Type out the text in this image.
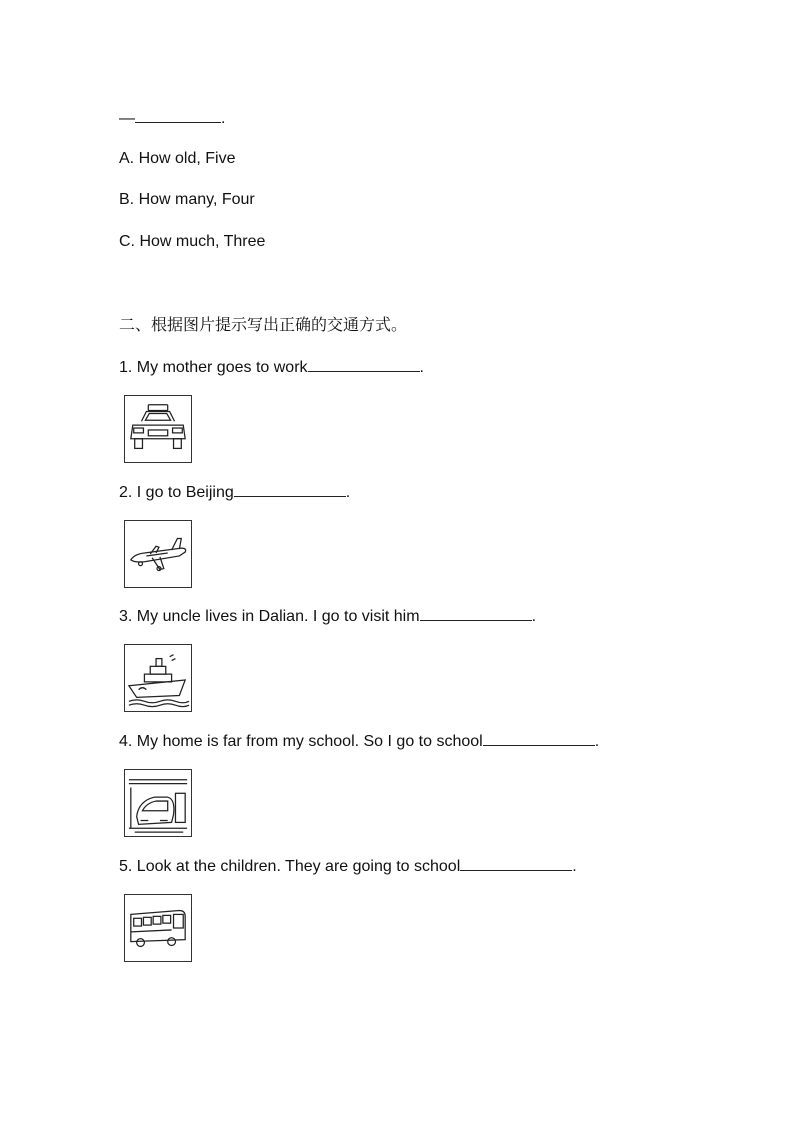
—	.
A. How old, Five
B. How many, Four
C. How much, Three
二、根据图片提示写出正确的交通方式。
1. My mother goes to work	.
2. I go to Beijing	.
3. My uncle lives in Dalian. I go to visit him	.
4. My home is far from my school. So I go to school	.
5. Look at the children. They are going to school	.
